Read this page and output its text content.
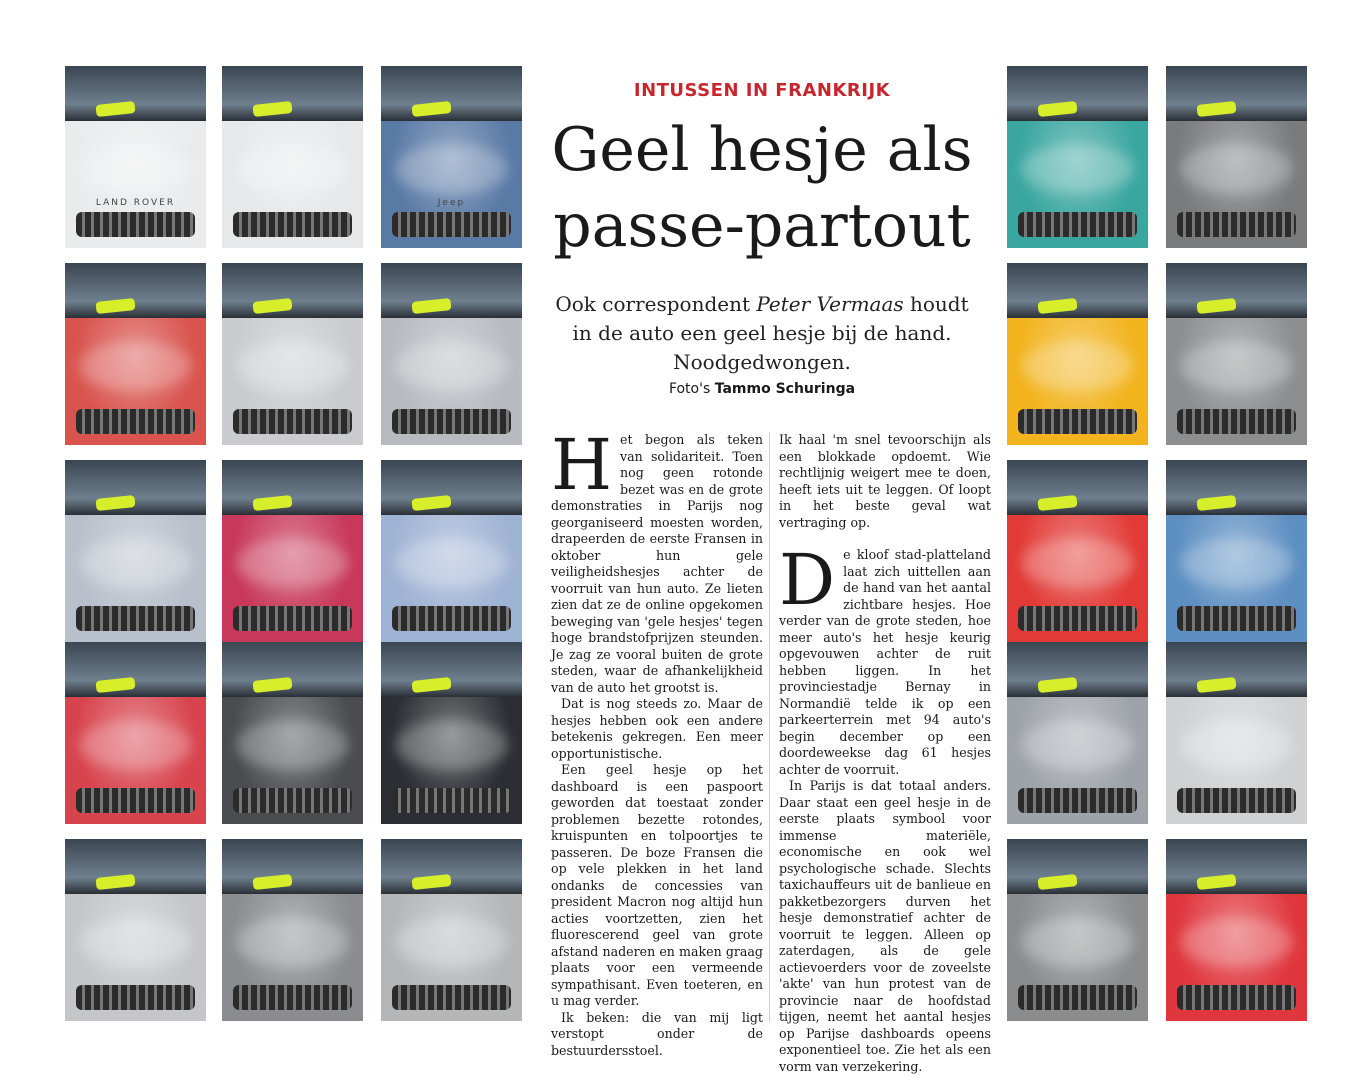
LAND ROVER	Jeep
INTUSSEN IN FRANKRIJK
Geel hesje als
passe-partout
Ook correspondent Peter Vermaas houdt in de auto een geel hesje bij de hand. Noodgedwongen.
Foto's Tammo Schuringa

Het begon als teken van solidariteit. Toen nog geen rotonde bezet was en de grote demonstraties in Parijs nog georganiseerd moesten worden, drapeerden de eerste Fransen in oktober hun gele veiligheidshesjes achter de voorruit van hun auto. Ze lieten zien dat ze de online opgekomen beweging van 'gele hesjes' tegen hoge brandstofprijzen steunden. Je zag ze vooral buiten de grote steden, waar de afhankelijkheid van de auto het grootst is.

Dat is nog steeds zo. Maar de hesjes hebben ook een andere betekenis gekregen. Een meer opportunistische.

Een geel hesje op het dashboard is een paspoort geworden dat toestaat zonder problemen bezette rotondes, kruispunten en tolpoortjes te passeren. De boze Fransen die op vele plekken in het land ondanks de concessies van president Macron nog altijd hun acties voortzetten, zien het fluorescerend geel van grote afstand naderen en maken graag plaats voor een vermeende sympathisant. Even toeteren, en u mag verder.

Ik beken: die van mij ligt verstopt onder de bestuurdersstoel.

Ik haal 'm snel tevoorschijn als een blokkade opdoemt. Wie rechtlijnig weigert mee te doen, heeft iets uit te leggen. Of loopt in het beste geval wat vertraging op.

De kloof stad-platteland laat zich uittellen aan de hand van het aantal zichtbare hesjes. Hoe verder van de grote steden, hoe meer auto's het hesje keurig opgevouwen achter de ruit hebben liggen. In het provinciestadje Bernay in Normandië telde ik op een parkeerterrein met 94 auto's begin december op een doordeweekse dag 61 hesjes achter de voorruit.

In Parijs is dat totaal anders. Daar staat een geel hesje in de eerste plaats symbool voor immense materiële, economische en ook wel psychologische schade. Slechts taxichauffeurs uit de banlieue en pakketbezorgers durven het hesje demonstratief achter de voorruit te leggen. Alleen op zaterdagen, als de gele actievoerders voor de zoveelste 'akte' van hun protest van de provincie naar de hoofdstad tijgen, neemt het aantal hesjes op Parijse dashboards opeens exponentieel toe. Zie het als een vorm van verzekering.
